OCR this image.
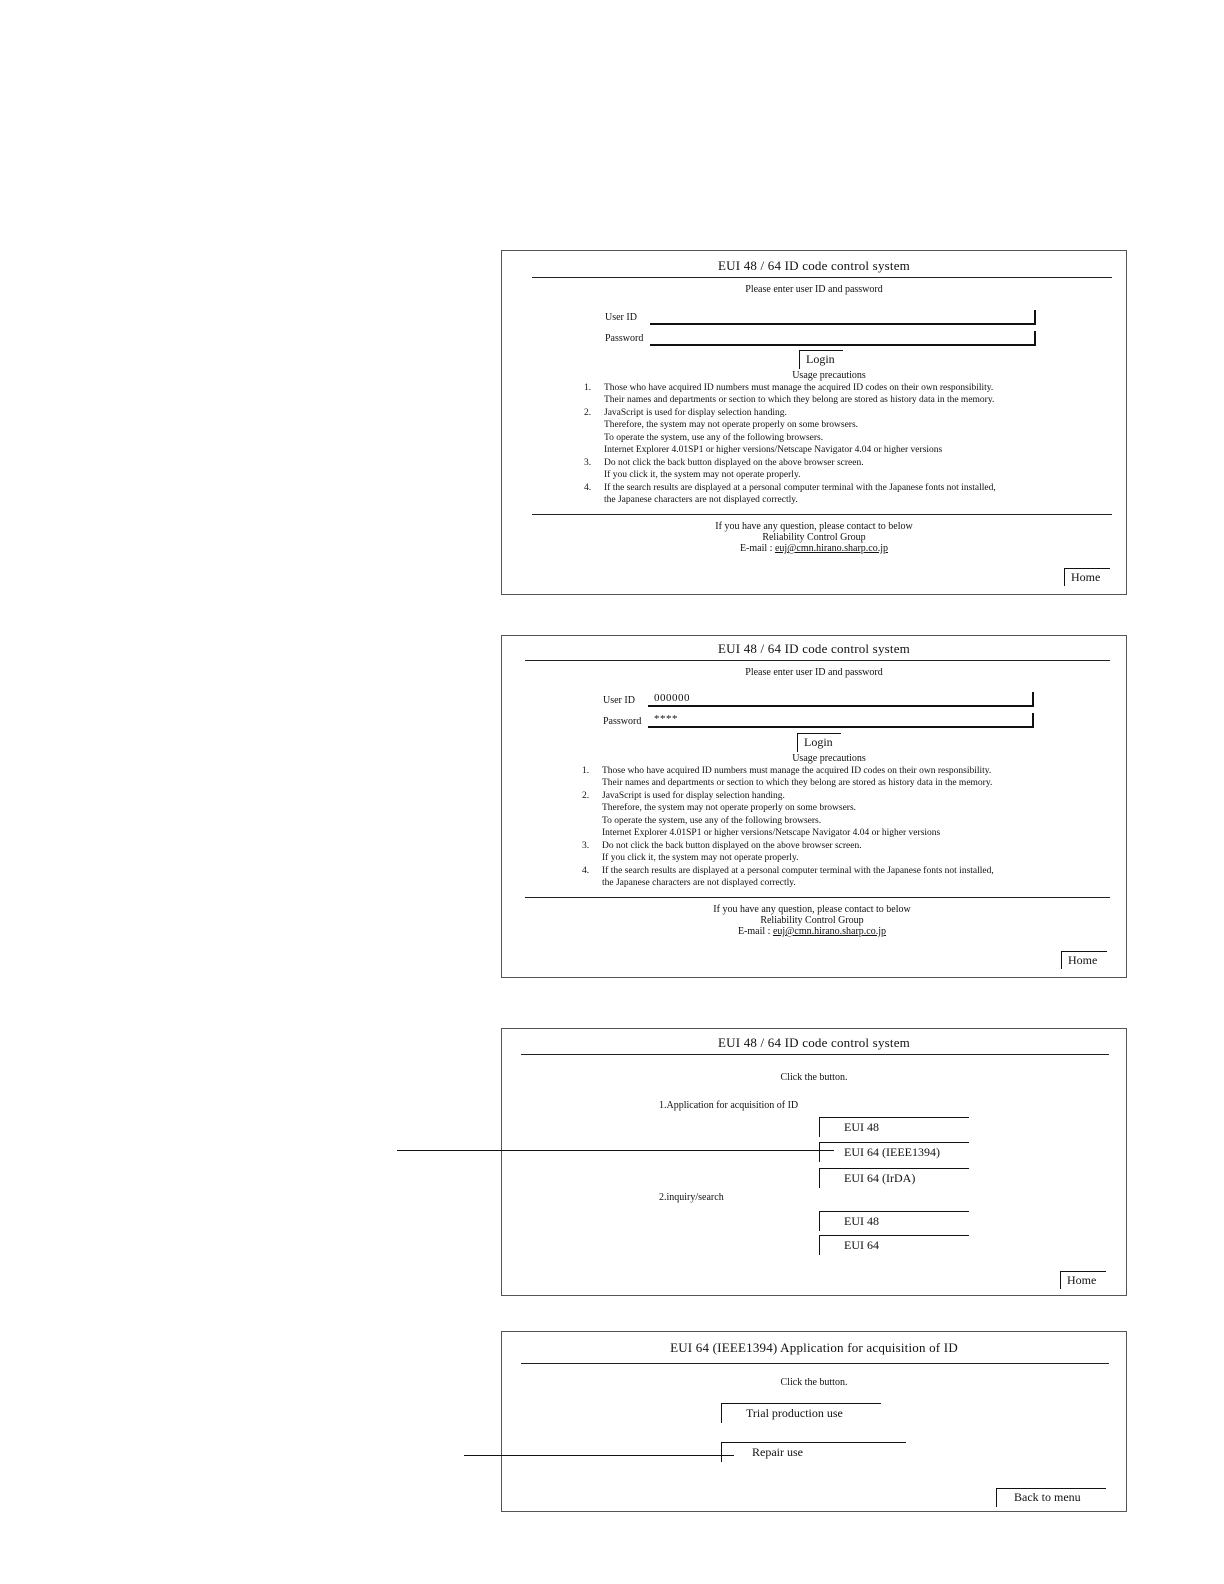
EUI 48 / 64 ID code control system
Please enter user ID and password
User ID
Password
Login
Usage precautions
1. Those who have acquired ID numbers must manage the acquired ID codes on their own responsibility.
Their names and departments or section to which they belong are stored as history data in the memory.
2. JavaScript is used for display selection handing.
Therefore, the system may not operate properly on some browsers.
To operate the system, use any of the following browsers.
Internet Explorer 4.01SP1 or higher versions/Netscape Navigator 4.04 or higher versions
3. Do not click the back button displayed on the above browser screen.
If you click it, the system may not operate properly.
4. If the search results are displayed at a personal computer terminal with the Japanese fonts not installed,
the Japanese characters are not displayed correctly.
If you have any question, please contact to below
Reliability Control Group
E-mail : euj@cmn.hirano.sharp.co.jp
Home
EUI 48 / 64 ID code control system
Please enter user ID and password
User ID	000000
Password	****
Login
Usage precautions
1. Those who have acquired ID numbers must manage the acquired ID codes on their own responsibility.
Their names and departments or section to which they belong are stored as history data in the memory.
2. JavaScript is used for display selection handing.
Therefore, the system may not operate properly on some browsers.
To operate the system, use any of the following browsers.
Internet Explorer 4.01SP1 or higher versions/Netscape Navigator 4.04 or higher versions
3. Do not click the back button displayed on the above browser screen.
If you click it, the system may not operate properly.
4. If the search results are displayed at a personal computer terminal with the Japanese fonts not installed,
the Japanese characters are not displayed correctly.
If you have any question, please contact to below
Reliability Control Group
E-mail : euj@cmn.hirano.sharp.co.jp
Home
EUI 48 / 64 ID code control system
Click the button.
1.Application for acquisition of ID
EUI 48
EUI 64 (IEEE1394)
EUI 64 (IrDA)
2.inquiry/search
EUI 48
EUI 64
Home
EUI 64 (IEEE1394) Application for acquisition of ID
Click the button.
Trial production use
Repair use
Back to menu
